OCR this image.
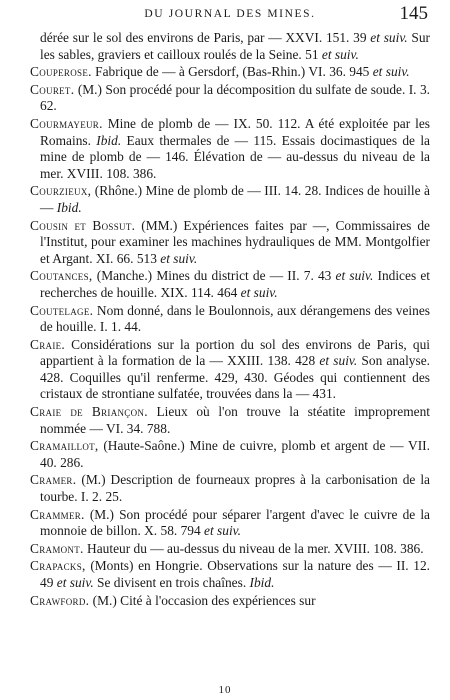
DU JOURNAL DES MINES.	145

dérée sur le sol des environs de Paris, par — XXVI. 151. 39 et suiv. Sur les sables, graviers et cailloux roulés de la Seine. 51 et suiv.

Couperose. Fabrique de — à Gersdorf, (Bas-Rhin.) VI. 36. 945 et suiv.

Couret. (M.) Son procédé pour la décomposition du sulfate de soude. I. 3. 62.

Courmayeur. Mine de plomb de — IX. 50. 112. A été exploitée par les Romains. Ibid. Eaux thermales de — 115. Essais docimastiques de la mine de plomb de — 146. Élévation de — au-dessus du niveau de la mer. XVIII. 108. 386.

Courzieux, (Rhône.) Mine de plomb de — III. 14. 28. Indices de houille à — Ibid.

Cousin et Bossut. (MM.) Expériences faites par —, Commissaires de l'Institut, pour examiner les machines hydrauliques de MM. Montgolfier et Argant. XI. 66. 513 et suiv.

Coutances, (Manche.) Mines du district de — II. 7. 43 et suiv. Indices et recherches de houille. XIX. 114. 464 et suiv.

Coutelage. Nom donné, dans le Boulonnois, aux dérangemens des veines de houille. I. 1. 44.

Craie. Considérations sur la portion du sol des environs de Paris, qui appartient à la formation de la — XXIII. 138. 428 et suiv. Son analyse. 428. Coquilles qu'il renferme. 429, 430. Géodes qui contiennent des cristaux de strontiane sulfatée, trouvées dans la — 431.

Craie de Briançon. Lieux où l'on trouve la stéatite improprement nommée — VI. 34. 788.

Cramaillot, (Haute-Saône.) Mine de cuivre, plomb et argent de — VII. 40. 286.

Cramer. (M.) Description de fourneaux propres à la carbonisation de la tourbe. I. 2. 25.

Crammer. (M.) Son procédé pour séparer l'argent d'avec le cuivre de la monnoie de billon. X. 58. 794 et suiv.

Cramont. Hauteur du — au-dessus du niveau de la mer. XVIII. 108. 386.

Crapacks, (Monts) en Hongrie. Observations sur la nature des — II. 12. 49 et suiv. Se divisent en trois chaînes. Ibid.

Crawford. (M.) Cité à l'occasion des expériences sur

10
